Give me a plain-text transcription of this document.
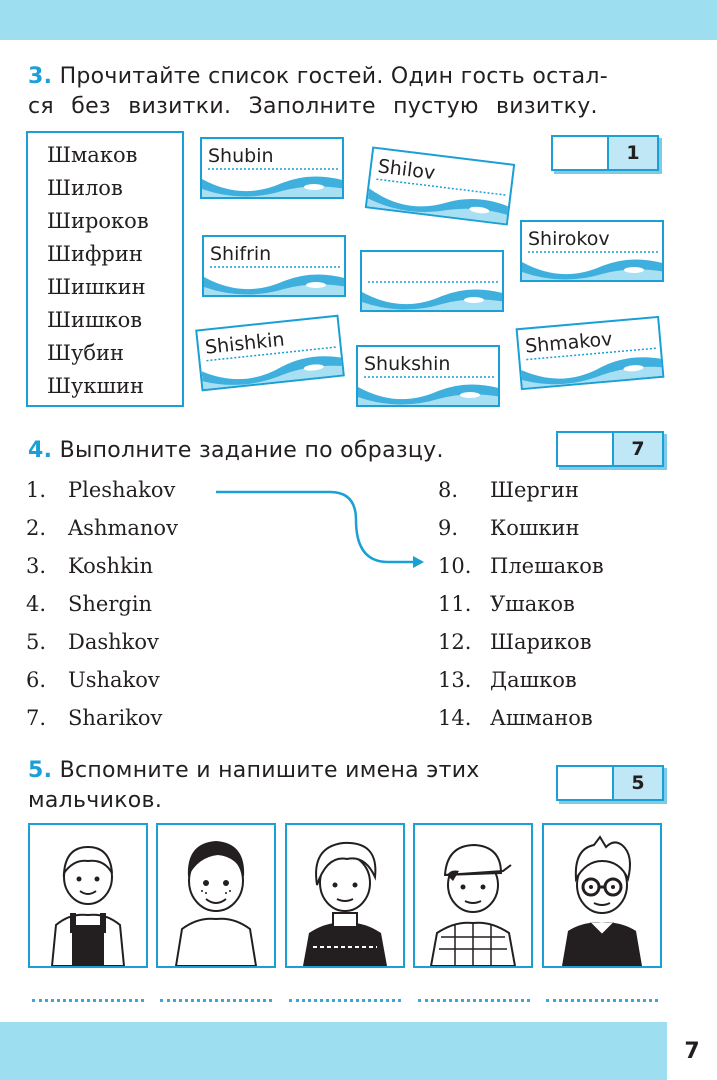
3. Прочитайте список гостей. Один гость остал-
ся без визитки. Заполните пустую визитку.
Шмаков
Шилов
Широков
Шифрин
Шишкин
Шишков
Шубин
Шукшин
Shubin	Shilov
Shirokov
Shifrin
Shishkin
Shukshin
Shmakov
1
4. Выполните задание по образцу.	7
1. Pleshakov
2. Ashmanov
3. Koshkin
4. Shergin
5. Dashkov
6. Ushakov
7. Sharikov
8. Шергин
9. Кошкин
10. Плешаков
11. Ушаков
12. Шариков
13. Дашков
14. Ашманов
5. Вспомните и напишите имена этих
мальчиков.
5
7
